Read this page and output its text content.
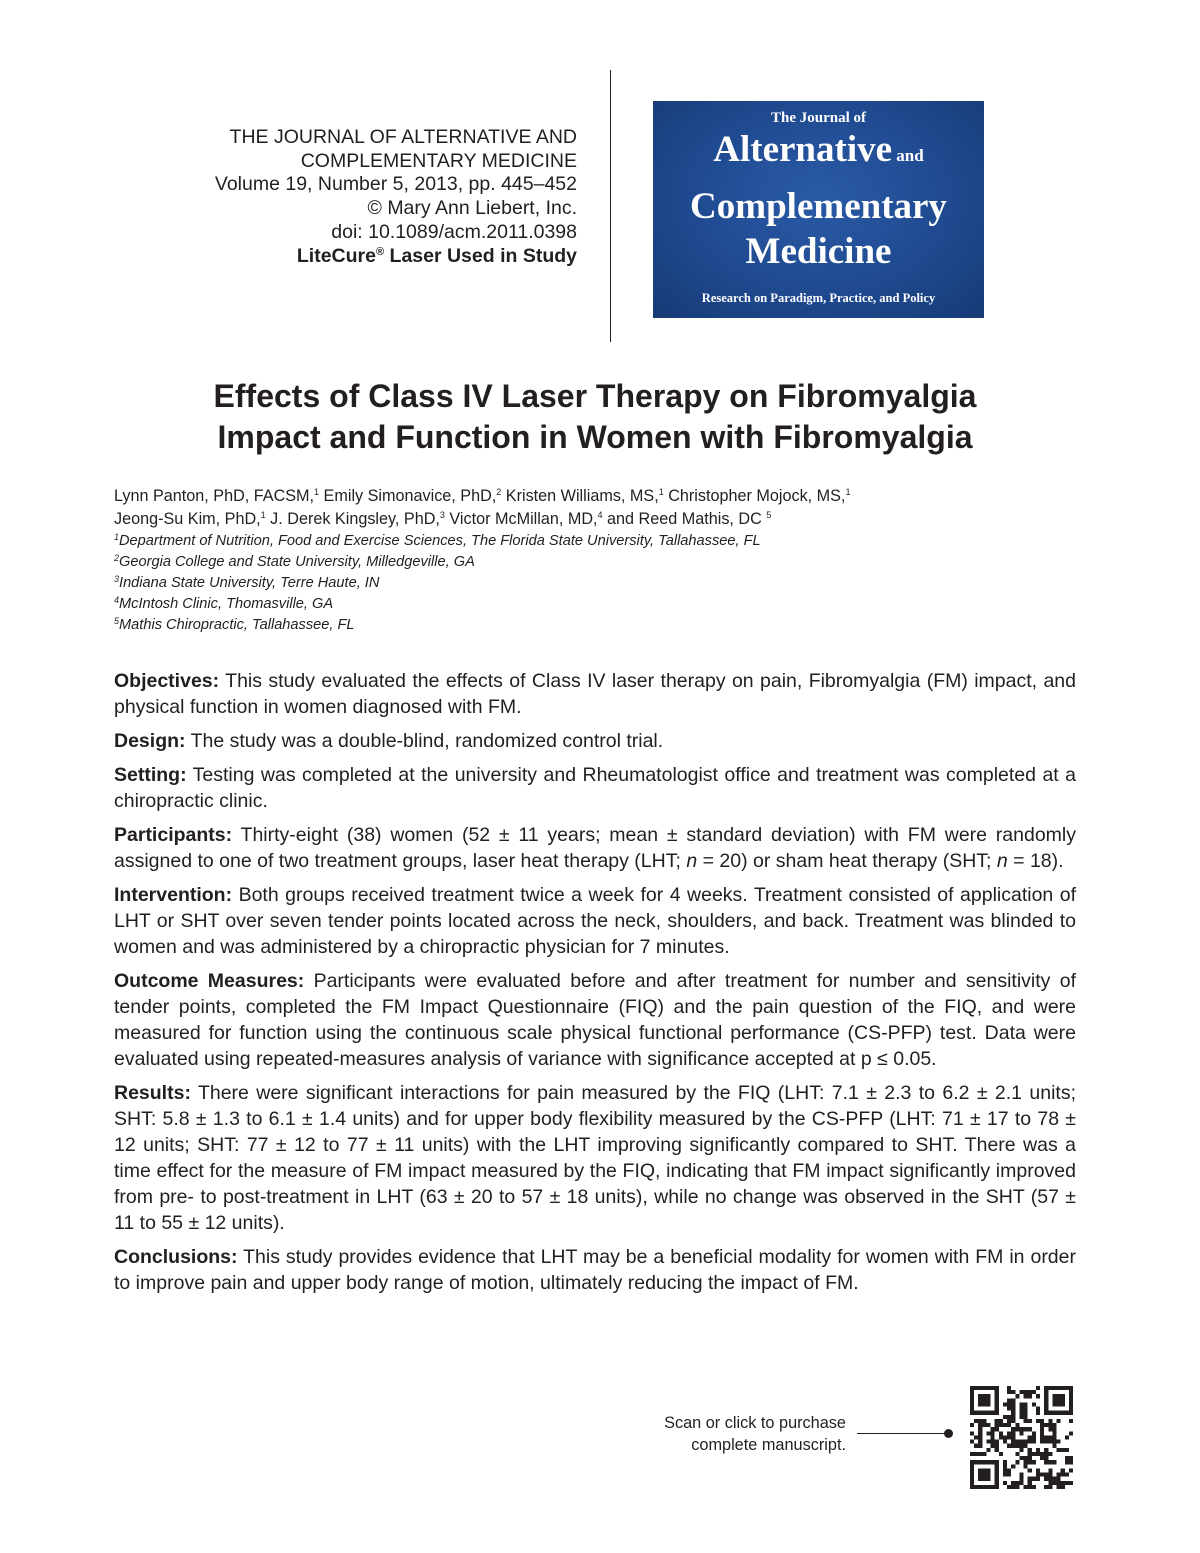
THE JOURNAL OF ALTERNATIVE AND
COMPLEMENTARY MEDICINE
Volume 19, Number 5, 2013, pp. 445–452
© Mary Ann Liebert, Inc.
doi: 10.1089/acm.2011.0398
LiteCure® Laser Used in Study
The Journal of
Alternative and
Complementary
Medicine
Research on Paradigm, Practice, and Policy
Effects of Class IV Laser Therapy on Fibromyalgia
Impact and Function in Women with Fibromyalgia
Lynn Panton, PhD, FACSM,$^1$ Emily Simonavice, PhD,$^2$ Kristen Williams, MS,$^1$ Christopher Mojock, MS,$^1$
Jeong-Su Kim, PhD,$^1$ J. Derek Kingsley, PhD,$^3$ Victor McMillan, MD,$^4$ and Reed Mathis, DC $^5$
$^1$Department of Nutrition, Food and Exercise Sciences, The Florida State University, Tallahassee, FL
$^2$Georgia College and State University, Milledgeville, GA
$^3$Indiana State University, Terre Haute, IN
$^4$McIntosh Clinic, Thomasville, GA
$^5$Mathis Chiropractic, Tallahassee, FL

Objectives: This study evaluated the effects of Class IV laser therapy on pain, Fibromyalgia (FM) impact, and physical function in women diagnosed with FM.

Design: The study was a double-blind, randomized control trial.

Setting: Testing was completed at the university and Rheumatologist office and treatment was completed at a chiropractic clinic.

Participants: Thirty-eight (38) women (52 ± 11 years; mean ± standard deviation) with FM were randomly assigned to one of two treatment groups, laser heat therapy (LHT; n = 20) or sham heat therapy (SHT; n = 18).

Intervention: Both groups received treatment twice a week for 4 weeks. Treatment consisted of application of LHT or SHT over seven tender points located across the neck, shoulders, and back. Treatment was blinded to women and was administered by a chiropractic physician for 7 minutes.

Outcome Measures: Participants were evaluated before and after treatment for number and sensitivity of tender points, completed the FM Impact Questionnaire (FIQ) and the pain question of the FIQ, and were measured for function using the continuous scale physical functional performance (CS-PFP) test. Data were evaluated using repeated-measures analysis of variance with significance accepted at p ≤ 0.05.

Results: There were significant interactions for pain measured by the FIQ (LHT: 7.1 ± 2.3 to 6.2 ± 2.1 units; SHT: 5.8 ± 1.3 to 6.1 ± 1.4 units) and for upper body flexibility measured by the CS-PFP (LHT: 71 ± 17 to 78 ± 12 units; SHT: 77 ± 12 to 77 ± 11 units) with the LHT improving significantly compared to SHT. There was a time effect for the measure of FM impact measured by the FIQ, indicating that FM impact significantly improved from pre- to post-treatment in LHT (63 ± 20 to 57 ± 18 units), while no change was observed in the SHT (57 ± 11 to 55 ± 12 units).

Conclusions: This study provides evidence that LHT may be a beneficial modality for women with FM in order to improve pain and upper body range of motion, ultimately reducing the impact of FM.

Scan or click to purchase
complete manuscript.
